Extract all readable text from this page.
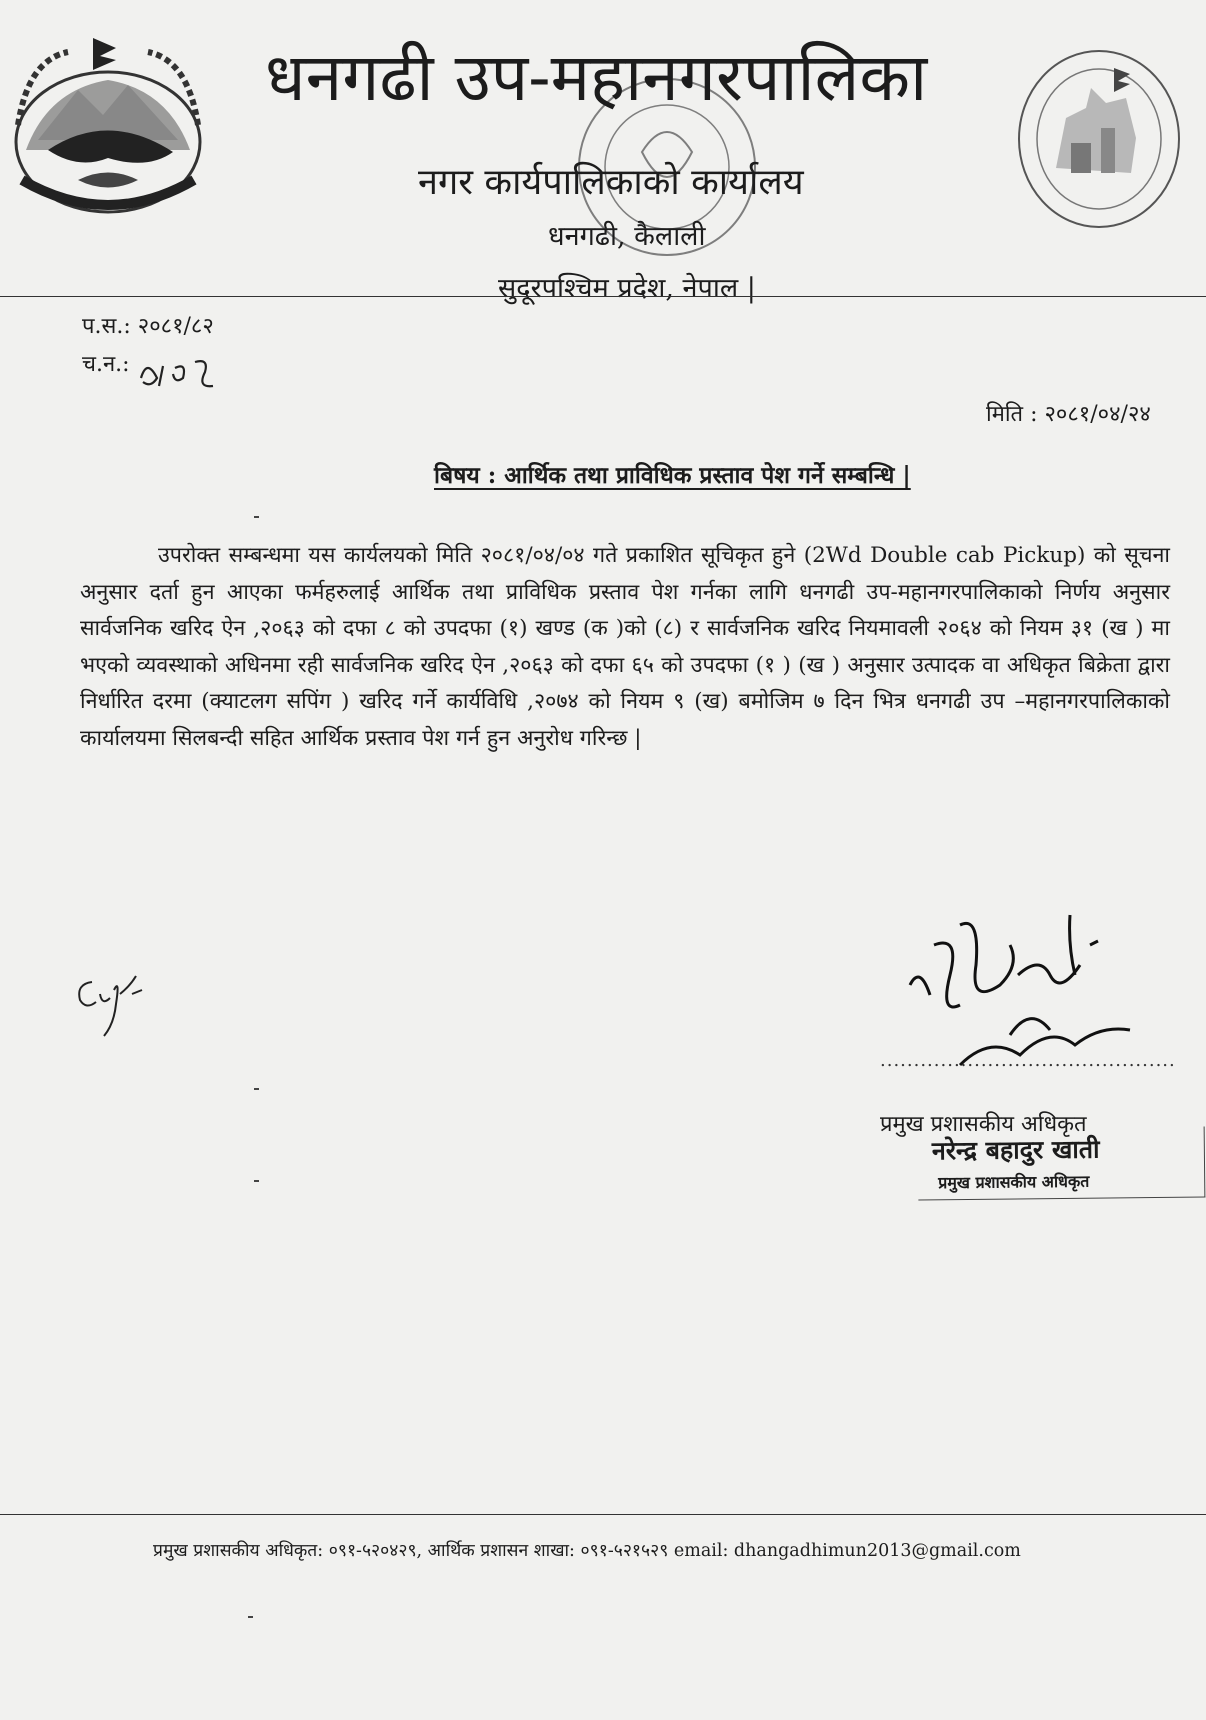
धनगढी उप-महानगरपालिका
नगर कार्यपालिकाको कार्यालय
धनगढी, कैलाली
सुदूरपश्चिम प्रदेश, नेपाल |
प.स.: २०८१/८२
च.न.:
मिति : २०८१/०४/२४
बिषय : आर्थिक तथा प्राविधिक प्रस्ताव पेश गर्ने सम्बन्धि |

उपरोक्त सम्बन्धमा यस कार्यलयको मिति २०८१/०४/०४ गते प्रकाशित सूचिकृत हुने (2Wd Double cab Pickup) को सूचना अनुसार दर्ता हुन आएका फर्महरुलाई आर्थिक तथा प्राविधिक प्रस्ताव पेश गर्नका लागि धनगढी उप-महानगरपालिकाको निर्णय अनुसार सार्वजनिक खरिद ऐन ,२०६३ को दफा ८ को उपदफा (१) खण्ड (क )को (८) र सार्वजनिक खरिद नियमावली २०६४ को नियम ३१ (ख ) मा भएको व्यवस्थाको अधिनमा रही सार्वजनिक खरिद ऐन ,२०६३ को दफा ६५ को उपदफा (१ ) (ख ) अनुसार उत्पादक वा अधिकृत बिक्रेता द्वारा निर्धारित दरमा (क्याटलग सपिंग ) खरिद गर्ने कार्यविधि ,२०७४ को नियम ९ (ख) बमोजिम ७ दिन भित्र धनगढी उप –महानगरपालिकाको कार्यालयमा सिलबन्दी सहित आर्थिक प्रस्ताव पेश गर्न हुन अनुरोध गरिन्छ |

............................................
प्रमुख प्रशासकीय अधिकृत
नरेन्द्र बहादुर खाती
प्रमुख प्रशासकीय अधिकृत
प्रमुख प्रशासकीय अधिकृत: ०९१-५२०४२९, आर्थिक प्रशासन शाखा: ०९१-५२१५२९ email: dhangadhimun2013@gmail.com
